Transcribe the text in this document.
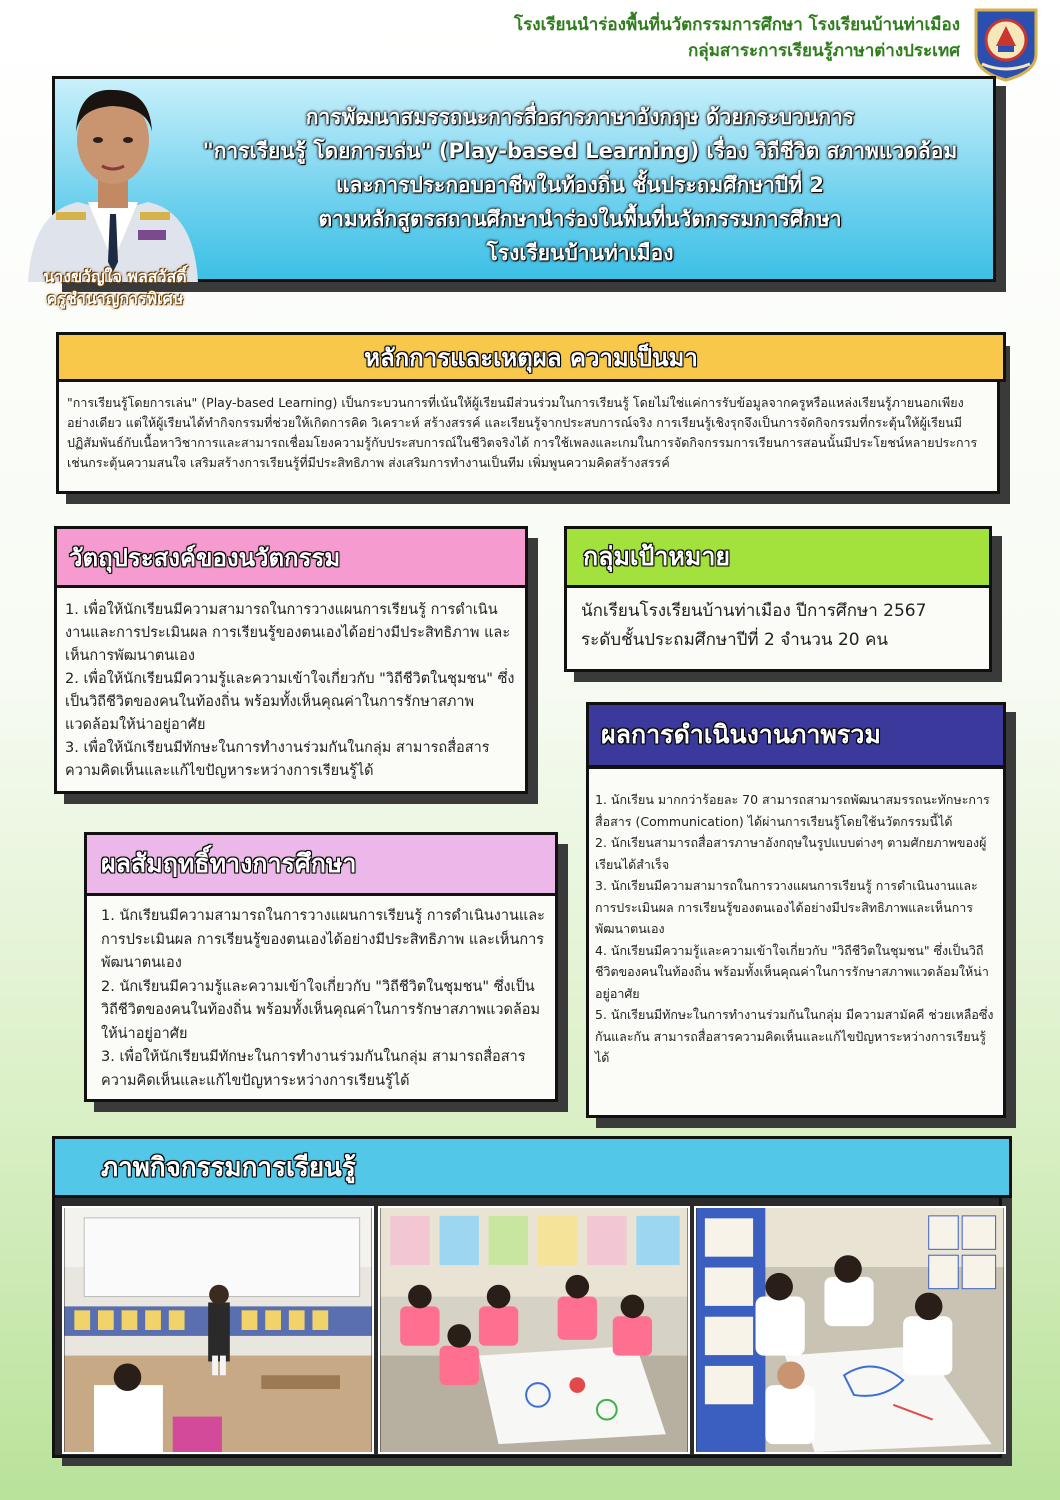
โรงเรียนนำร่องพื้นที่นวัตกรรมการศึกษา โรงเรียนบ้านท่าเมือง
กลุ่มสาระการเรียนรู้ภาษาต่างประเทศ
การพัฒนาสมรรถนะการสื่อสารภาษาอังกฤษ ด้วยกระบวนการ
"การเรียนรู้ โดยการเล่น" (Play-based Learning) เรื่อง วิถีชีวิต สภาพแวดล้อม
และการประกอบอาชีพในท้องถิ่น ชั้นประถมศึกษาปีที่ 2
ตามหลักสูตรสถานศึกษานำร่องในพื้นที่นวัตกรรมการศึกษา
โรงเรียนบ้านท่าเมือง
นางขวัญใจ พลสวัสดิ์
ครูชำนาญการพิเศษ
"การเรียนรู้โดยการเล่น" (Play-based Learning) เป็นกระบวนการที่เน้นให้ผู้เรียนมีส่วนร่วมในการเรียนรู้ โดยไม่ใช่แค่การรับข้อมูลจากครูหรือแหล่งเรียนรู้ภายนอกเพียงอย่างเดียว แต่ให้ผู้เรียนได้ทำกิจกรรมที่ช่วยให้เกิดการคิด วิเคราะห์ สร้างสรรค์ และเรียนรู้จากประสบการณ์จริง การเรียนรู้เชิงรุกจึงเป็นการจัดกิจกรรมที่กระตุ้นให้ผู้เรียนมีปฏิสัมพันธ์กับเนื้อหาวิชาการและสามารถเชื่อมโยงความรู้กับประสบการณ์ในชีวิตจริงได้ การใช้เพลงและเกมในการจัดกิจกรรมการเรียนการสอนนั้นมีประโยชน์หลายประการ เช่นกระตุ้นความสนใจ เสริมสร้างการเรียนรู้ที่มีประสิทธิภาพ ส่งเสริมการทำงานเป็นทีม เพิ่มพูนความคิดสร้างสรรค์
หลักการและเหตุผล ความเป็นมา
1. เพื่อให้นักเรียนมีความสามารถในการวางแผนการเรียนรู้ การดำเนินงานและการประเมินผล การเรียนรู้ของตนเองได้อย่างมีประสิทธิภาพ และเห็นการพัฒนาตนเอง
2. เพื่อให้นักเรียนมีความรู้และความเข้าใจเกี่ยวกับ "วิถีชีวิตในชุมชน" ซึ่งเป็นวิถีชีวิตของคนในท้องถิ่น พร้อมทั้งเห็นคุณค่าในการรักษาสภาพแวดล้อมให้น่าอยู่อาศัย
3. เพื่อให้นักเรียนมีทักษะในการทำงานร่วมกันในกลุ่ม สามารถสื่อสารความคิดเห็นและแก้ไขปัญหาระหว่างการเรียนรู้ได้
วัตถุประสงค์ของนวัตกรรม
นักเรียนโรงเรียนบ้านท่าเมือง ปีการศึกษา 2567
ระดับชั้นประถมศึกษาปีที่ 2 จำนวน 20 คน
กลุ่มเป้าหมาย
1. นักเรียน มากกว่าร้อยละ 70 สามารถสามารถพัฒนาสมรรถนะทักษะการสื่อสาร (Communication) ได้ผ่านการเรียนรู้โดยใช้นวัตกรรมนี้ได้
2. นักเรียนสามารถสื่อสารภาษาอังกฤษในรูปแบบต่างๆ ตามศักยภาพของผู้เรียนได้สำเร็จ
3. นักเรียนมีความสามารถในการวางแผนการเรียนรู้ การดำเนินงานและการประเมินผล การเรียนรู้ของตนเองได้อย่างมีประสิทธิภาพและเห็นการพัฒนาตนเอง
4. นักเรียนมีความรู้และความเข้าใจเกี่ยวกับ "วิถีชีวิตในชุมชน" ซึ่งเป็นวิถีชีวิตของคนในท้องถิ่น พร้อมทั้งเห็นคุณค่าในการรักษาสภาพแวดล้อมให้น่าอยู่อาศัย
5. นักเรียนมีทักษะในการทำงานร่วมกันในกลุ่ม มีความสามัคคี ช่วยเหลือซึ่งกันและกัน สามารถสื่อสารความคิดเห็นและแก้ไขปัญหาระหว่างการเรียนรู้ได้
ผลการดำเนินงานภาพรวม
1. นักเรียนมีความสามารถในการวางแผนการเรียนรู้ การดำเนินงานและการประเมินผล การเรียนรู้ของตนเองได้อย่างมีประสิทธิภาพ และเห็นการพัฒนาตนเอง
2. นักเรียนมีความรู้และความเข้าใจเกี่ยวกับ "วิถีชีวิตในชุมชน" ซึ่งเป็นวิถีชีวิตของคนในท้องถิ่น พร้อมทั้งเห็นคุณค่าในการรักษาสภาพแวดล้อมให้น่าอยู่อาศัย
3. เพื่อให้นักเรียนมีทักษะในการทำงานร่วมกันในกลุ่ม สามารถสื่อสารความคิดเห็นและแก้ไขปัญหาระหว่างการเรียนรู้ได้
ผลสัมฤทธิ์ทางการศึกษา
ภาพกิจกรรมการเรียนรู้
